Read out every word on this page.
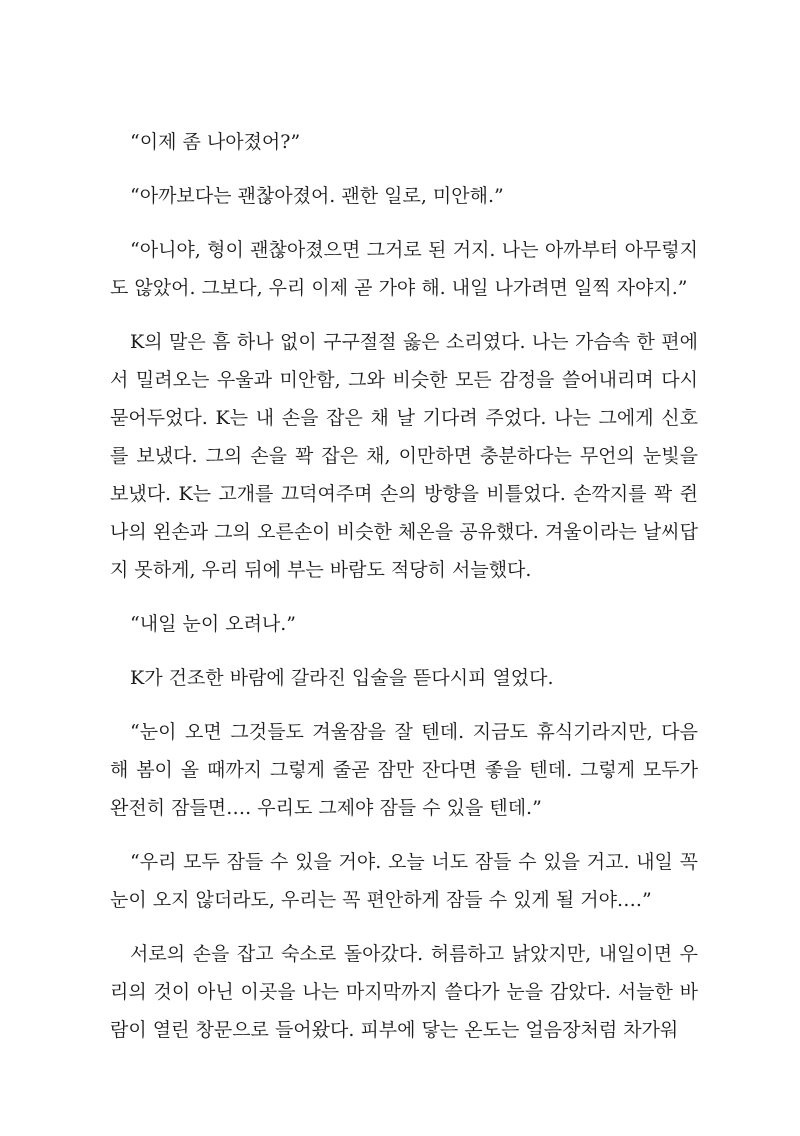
“이제 좀 나아졌어?”

“아까보다는 괜찮아졌어. 괜한 일로, 미안해.”

“아니야, 형이 괜찮아졌으면 그거로 된 거지. 나는 아까부터 아무렇지도 않았어. 그보다, 우리 이제 곧 가야 해. 내일 나가려면 일찍 자야지.”

K의 말은 흠 하나 없이 구구절절 옳은 소리였다. 나는 가슴속 한 편에서 밀려오는 우울과 미안함, 그와 비슷한 모든 감정을 쓸어내리며 다시 묻어두었다. K는 내 손을 잡은 채 날 기다려 주었다. 나는 그에게 신호를 보냈다. 그의 손을 꽉 잡은 채, 이만하면 충분하다는 무언의 눈빛을 보냈다. K는 고개를 끄덕여주며 손의 방향을 비틀었다. 손깍지를 꽉 쥔 나의 왼손과 그의 오른손이 비슷한 체온을 공유했다. 겨울이라는 날씨답지 못하게, 우리 뒤에 부는 바람도 적당히 서늘했다.

“내일 눈이 오려나.”

K가 건조한 바람에 갈라진 입술을 뜯다시피 열었다.

“눈이 오면 그것들도 겨울잠을 잘 텐데. 지금도 휴식기라지만, 다음 해 봄이 올 때까지 그렇게 줄곧 잠만 잔다면 좋을 텐데. 그렇게 모두가 완전히 잠들면…. 우리도 그제야 잠들 수 있을 텐데.”

“우리 모두 잠들 수 있을 거야. 오늘 너도 잠들 수 있을 거고. 내일 꼭 눈이 오지 않더라도, 우리는 꼭 편안하게 잠들 수 있게 될 거야….”

서로의 손을 잡고 숙소로 돌아갔다. 허름하고 낡았지만, 내일이면 우리의 것이 아닌 이곳을 나는 마지막까지 쓸다가 눈을 감았다. 서늘한 바람이 열린 창문으로 들어왔다. 피부에 닿는 온도는 얼음장처럼 차가워
